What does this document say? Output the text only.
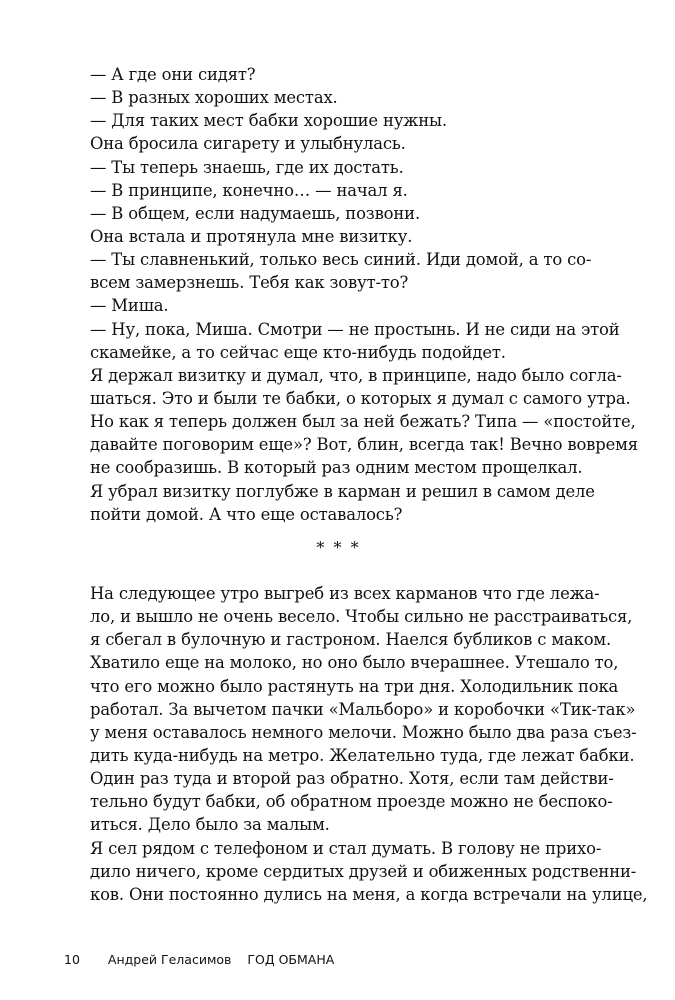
— А где они сидят?
— В разных хороших местах.
— Для таких мест бабки хорошие нужны.
Она бросила сигарету и улыбнулась.
— Ты теперь знаешь, где их достать.
— В принципе, конечно… — начал я.
— В общем, если надумаешь, позвони.
Она встала и протянула мне визитку.
— Ты славненький, только весь синий. Иди домой, а то со-
всем замерзнешь. Тебя как зовут-то?
— Миша.
— Ну, пока, Миша. Смотри — не простынь. И не сиди на этой
скамейке, а то сейчас еще кто-нибудь подойдет.
Я держал визитку и думал, что, в принципе, надо было согла-
шаться. Это и были те бабки, о которых я думал с самого утра.
Но как я теперь должен был за ней бежать? Типа — «постойте,
давайте поговорим еще»? Вот, блин, всегда так! Вечно вовремя
не сообразишь. В который раз одним местом прощелкал.
Я убрал визитку поглубже в карман и решил в самом деле
пойти домой. А что еще оставалось?
* * *
На следующее утро выгреб из всех карманов что где лежа-
ло, и вышло не очень весело. Чтобы сильно не расстраиваться,
я сбегал в булочную и гастроном. Наелся бубликов с маком.
Хватило еще на молоко, но оно было вчерашнее. Утешало то,
что его можно было растянуть на три дня. Холодильник пока
работал. За вычетом пачки «Мальборо» и коробочки «Тик-так»
у меня оставалось немного мелочи. Можно было два раза съез-
дить куда-нибудь на метро. Желательно туда, где лежат бабки.
Один раз туда и второй раз обратно. Хотя, если там действи-
тельно будут бабки, об обратном проезде можно не беспоко-
иться. Дело было за малым.
Я сел рядом с телефоном и стал думать. В голову не прихо-
дило ничего, кроме сердитых друзей и обиженных родственни-
ков. Они постоянно дулись на меня, а когда встречали на улице,
10 Андрей Геласимов ГОД ОБМАНА
